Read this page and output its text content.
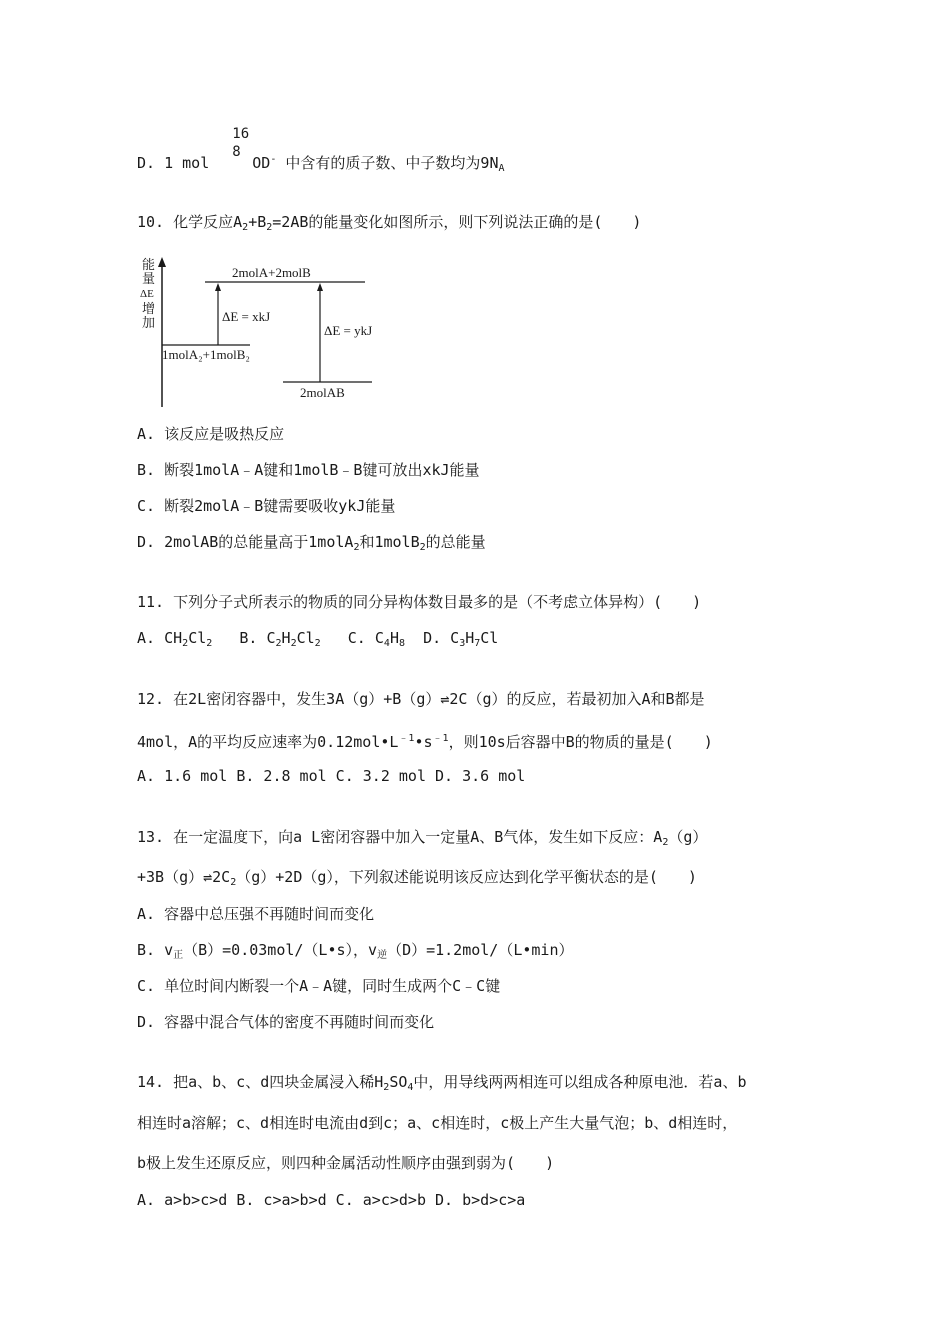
D. 1 mol
16
8
OD- 中含有的质子数、中子数均为$9N_A$
10. 化学反应$A_2+B_2=2AB$的能量变化如图所示，则下列说法正确的是(　　)
能
量
ΔE
增
加
2molA+2molB
1molA₂+1molB₂
2molAB
ΔE = xkJ
ΔE = ykJ
A. 该反应是吸热反应
B. 断裂1molA﹣A键和1molB﹣B键可放出xkJ能量
C. 断裂2molA﹣B键需要吸收ykJ能量
D. 2molAB的总能量高于1molA$_2$和1molB$_2$的总能量
11. 下列分子式所表示的物质的同分异构体数目最多的是（不考虑立体异构）(　　)
A. $CH_2Cl_2$ B. $C_2H_2Cl_2$ C. $C_4H_8$ D. $C_3H_7Cl$
12. 在2L密闭容器中，发生3A（g）+B（g）⇌2C（g）的反应，若最初加入A和B都是
4mol，A的平均反应速率为$0.12mol•L^{﹣1}•s^{﹣1}$，则10s后容器中B的物质的量是(　　)
A. 1.6 mol B. 2.8 mol C. 3.2 mol D. 3.6 mol
13. 在一定温度下，向a L密闭容器中加入一定量A、B气体，发生如下反应：$A_2(g)$
$+3B(g)\rightleftharpoons 2C_2(g)+2D(g)$，下列叙述能说明该反应达到化学平衡状态的是(　　)
A. 容器中总压强不再随时间而变化
B. $v_正(B)=0.03mol/(L•s)$，$v_逆(D)=1.2mol/(L•\min)$
C. 单位时间内断裂一个A﹣A键，同时生成两个C﹣C键
D. 容器中混合气体的密度不再随时间而变化
14. 把a、b、c、d四块金属浸入稀$H_2SO_4$中，用导线两两相连可以组成各种原电池．若a、b
相连时a溶解；c、d相连时电流由d到c；a、c相连时，c极上产生大量气泡；b、d相连时，
b极上发生还原反应，则四种金属活动性顺序由强到弱为(　　)
A. a>b>c>d B. c>a>b>d C. a>c>d>b D. b>d>c>a
